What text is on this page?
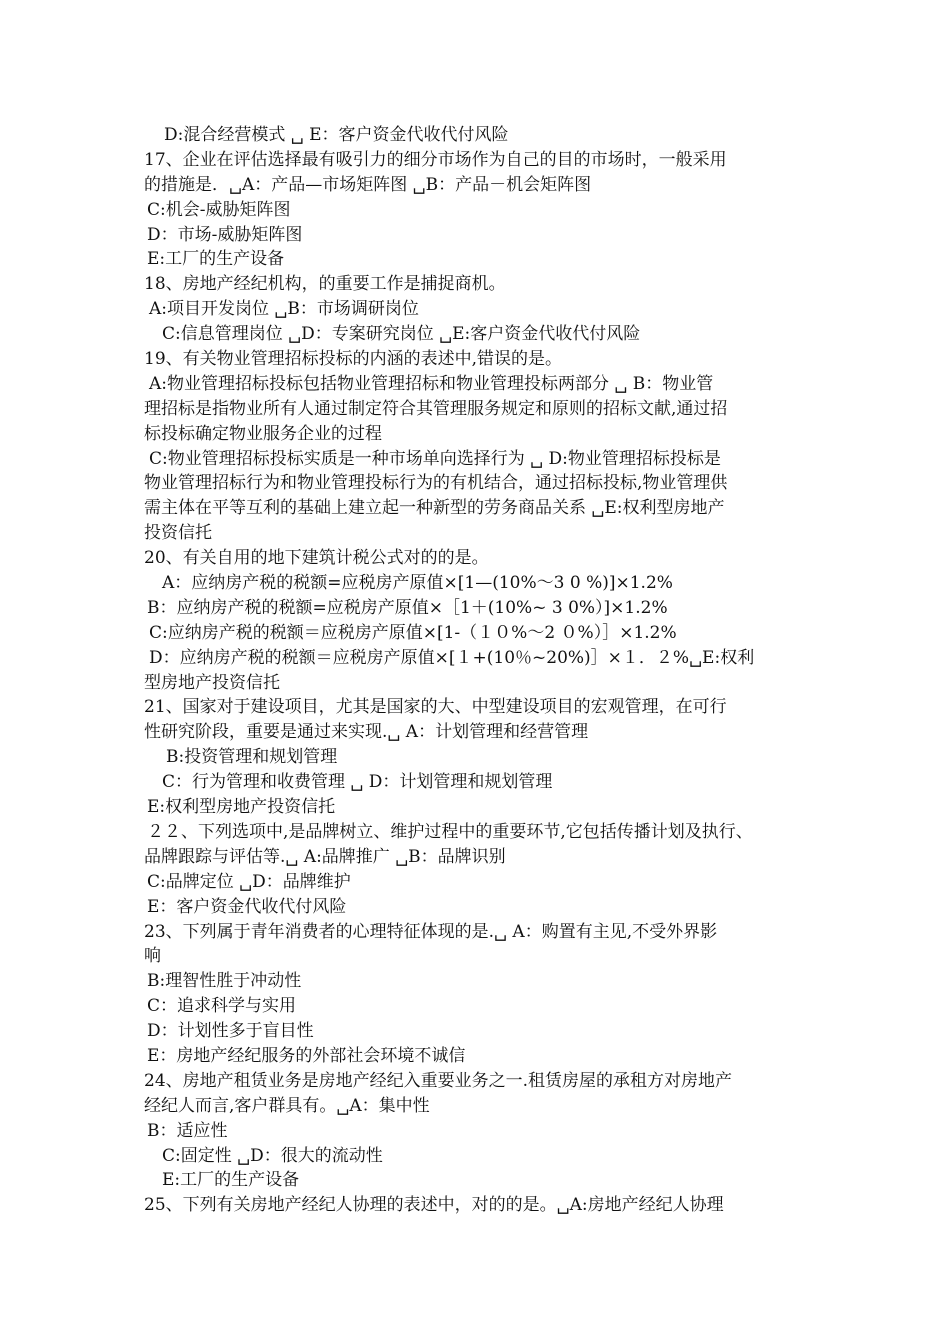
D:混合经营模式 ␣ E：客户资金代收代付风险
17、企业在评估选择最有吸引力的细分市场作为自己的目的市场时，一般采用
的措施是．␣A：产品—市场矩阵图 ␣B：产品－机会矩阵图
C:机会-威胁矩阵图
D：市场-威胁矩阵图
E:工厂的生产设备
18、房地产经纪机构，的重要工作是捕捉商机。
A:项目开发岗位 ␣B：市场调研岗位
C:信息管理岗位 ␣D：专案研究岗位 ␣E:客户资金代收代付风险
19、有关物业管理招标投标的内涵的表述中,错误的是。
A:物业管理招标投标包括物业管理招标和物业管理投标两部分 ␣ B：物业管
理招标是指物业所有人通过制定符合其管理服务规定和原则的招标文献,通过招
标投标确定物业服务企业的过程
C:物业管理招标投标实质是一种市场单向选择行为 ␣ D:物业管理招标投标是
物业管理招标行为和物业管理投标行为的有机结合，通过招标投标,物业管理供
需主体在平等互利的基础上建立起一种新型的劳务商品关系 ␣E:权利型房地产
投资信托
20、有关自用的地下建筑计税公式对的的是。
A：应纳房产税的税额=应税房产原值×[1—(10%～3 0 %)]×1.2%
B：应纳房产税的税额=应税房产原值×［1＋(10%~ 3 0%）]×1.2%
C:应纳房产税的税额＝应税房产原值×[1-（１０%～2 ０%）］×1.2%
D：应纳房产税的税额＝应税房产原值×[１+(10％~20%)］×１．２%␣E:权利
型房地产投资信托
21、国家对于建设项目，尤其是国家的大、中型建设项目的宏观管理，在可行
性研究阶段，重要是通过来实现.␣ A：计划管理和经营管理
B:投资管理和规划管理
C：行为管理和收费管理 ␣ D：计划管理和规划管理
E:权利型房地产投资信托
２２、下列选项中,是品牌树立、维护过程中的重要环节,它包括传播计划及执行、
品牌跟踪与评估等.␣ A:品牌推广 ␣B：品牌识别
C:品牌定位 ␣D：品牌维护
E：客户资金代收代付风险
23、下列属于青年消费者的心理特征体现的是.␣ A：购置有主见,不受外界影
响
B:理智性胜于冲动性
C：追求科学与实用
D：计划性多于盲目性
E：房地产经纪服务的外部社会环境不诚信
24、房地产租赁业务是房地产经纪入重要业务之一.租赁房屋的承租方对房地产
经纪人而言,客户群具有。␣A：集中性
B：适应性
C:固定性 ␣D：很大的流动性
E:工厂的生产设备
25、下列有关房地产经纪人协理的表述中，对的的是。␣A:房地产经纪人协理
